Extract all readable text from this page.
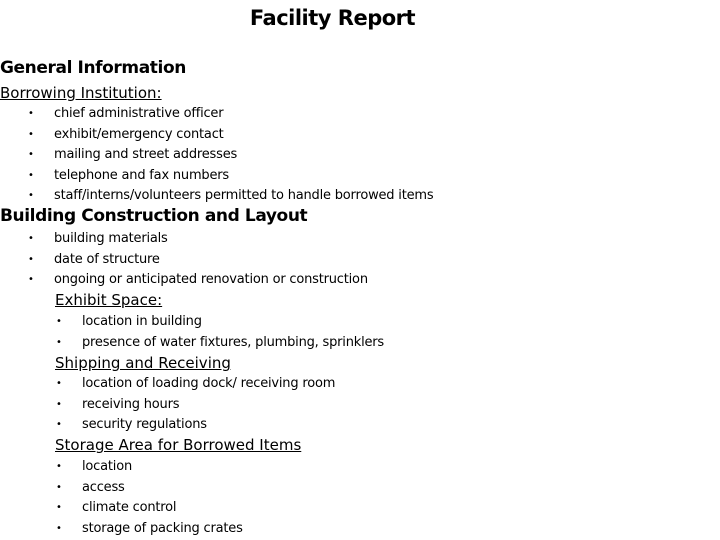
Facility Report
General Information
Borrowing Institution:
• chief administrative officer
• exhibit/emergency contact
• mailing and street addresses
• telephone and fax numbers
• staff/interns/volunteers permitted to handle borrowed items
Building Construction and Layout
• building materials
• date of structure
• ongoing or anticipated renovation or construction
Exhibit Space:
• location in building
• presence of water fixtures, plumbing, sprinklers
Shipping and Receiving
• location of loading dock/ receiving room
• receiving hours
• security regulations
Storage Area for Borrowed Items
• location
• access
• climate control
• storage of packing crates
